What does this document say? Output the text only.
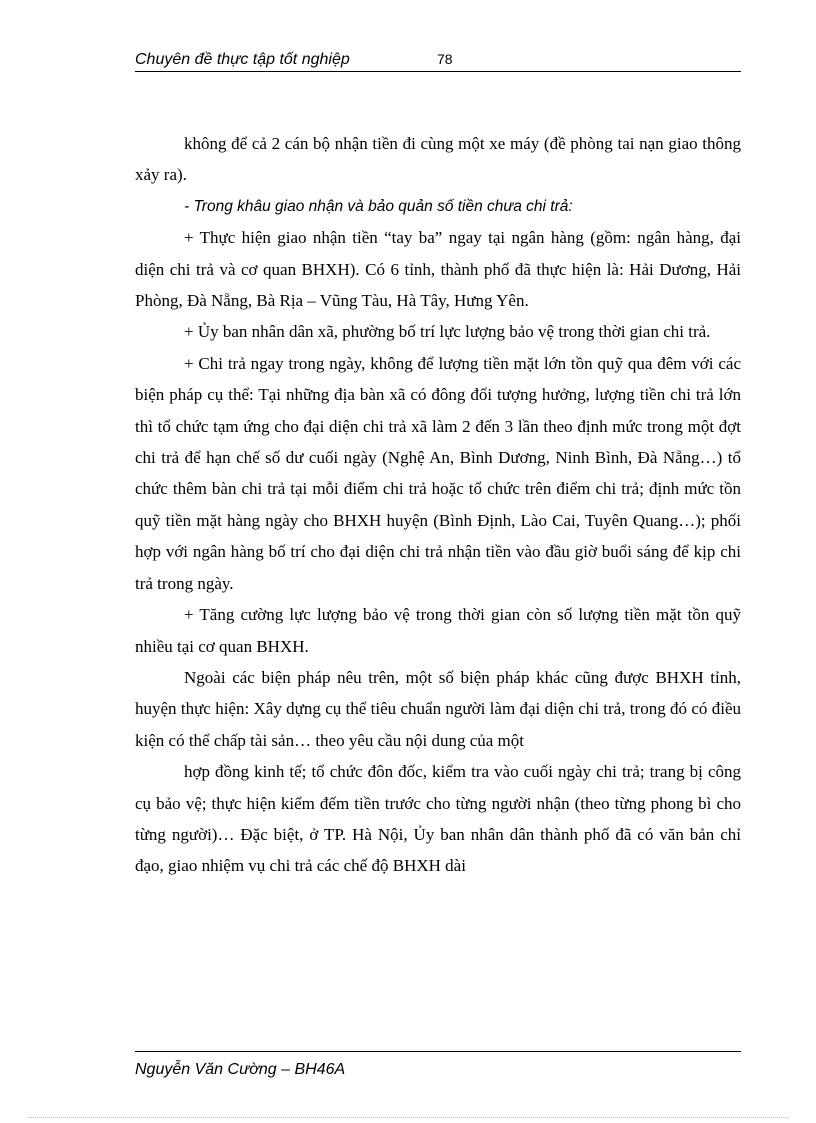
Chuyên đề thực tập tốt nghiệp	78

không để cả 2 cán bộ nhận tiền đi cùng một xe máy (đề phòng tai nạn giao thông xảy ra).

- Trong khâu giao nhận và bảo quản số tiền chưa chi trả:

+ Thực hiện giao nhận tiền “tay ba” ngay tại ngân hàng (gồm: ngân hàng, đại diện chi trả và cơ quan BHXH). Có 6 tỉnh, thành phố đã thực hiện là: Hải Dương, Hải Phòng, Đà Nẵng, Bà Rịa – Vũng Tàu, Hà Tây, Hưng Yên.

+ Ủy ban nhân dân xã, phường bố trí lực lượng bảo vệ trong thời gian chi trả.

+ Chi trả ngay trong ngày, không để lượng tiền mặt lớn tồn quỹ qua đêm với các biện pháp cụ thể: Tại những địa bàn xã có đông đối tượng hưởng, lượng tiền chi trả lớn thì tổ chức tạm ứng cho đại diện chi trả xã làm 2 đến 3 lần theo định mức trong một đợt chi trả để hạn chế số dư cuối ngày (Nghệ An, Bình Dương, Ninh Bình, Đà Nẵng…) tổ chức thêm bàn chi trả tại mỗi điểm chi trả hoặc tổ chức trên điểm chi trả; định mức tồn quỹ tiền mặt hàng ngày cho BHXH huyện (Bình Định, Lào Cai, Tuyên Quang…); phối hợp với ngân hàng bố trí cho đại diện chi trả nhận tiền vào đầu giờ buổi sáng để kịp chi trả trong ngày.

+ Tăng cường lực lượng bảo vệ trong thời gian còn số lượng tiền mặt tồn quỹ nhiều tại cơ quan BHXH.

Ngoài các biện pháp nêu trên, một số biện pháp khác cũng được BHXH tỉnh, huyện thực hiện: Xây dựng cụ thể tiêu chuẩn người làm đại diện chi trả, trong đó có điều kiện có thể chấp tài sản… theo yêu cầu nội dung của một

hợp đồng kinh tế; tổ chức đôn đốc, kiểm tra vào cuối ngày chi trả; trang bị công cụ bảo vệ; thực hiện kiểm đếm tiền trước cho từng người nhận (theo từng phong bì cho từng người)… Đặc biệt, ở TP. Hà Nội, Ủy ban nhân dân thành phố đã có văn bản chỉ đạo, giao nhiệm vụ chi trả các chế độ BHXH dài

Nguyễn Văn Cường – BH46A
